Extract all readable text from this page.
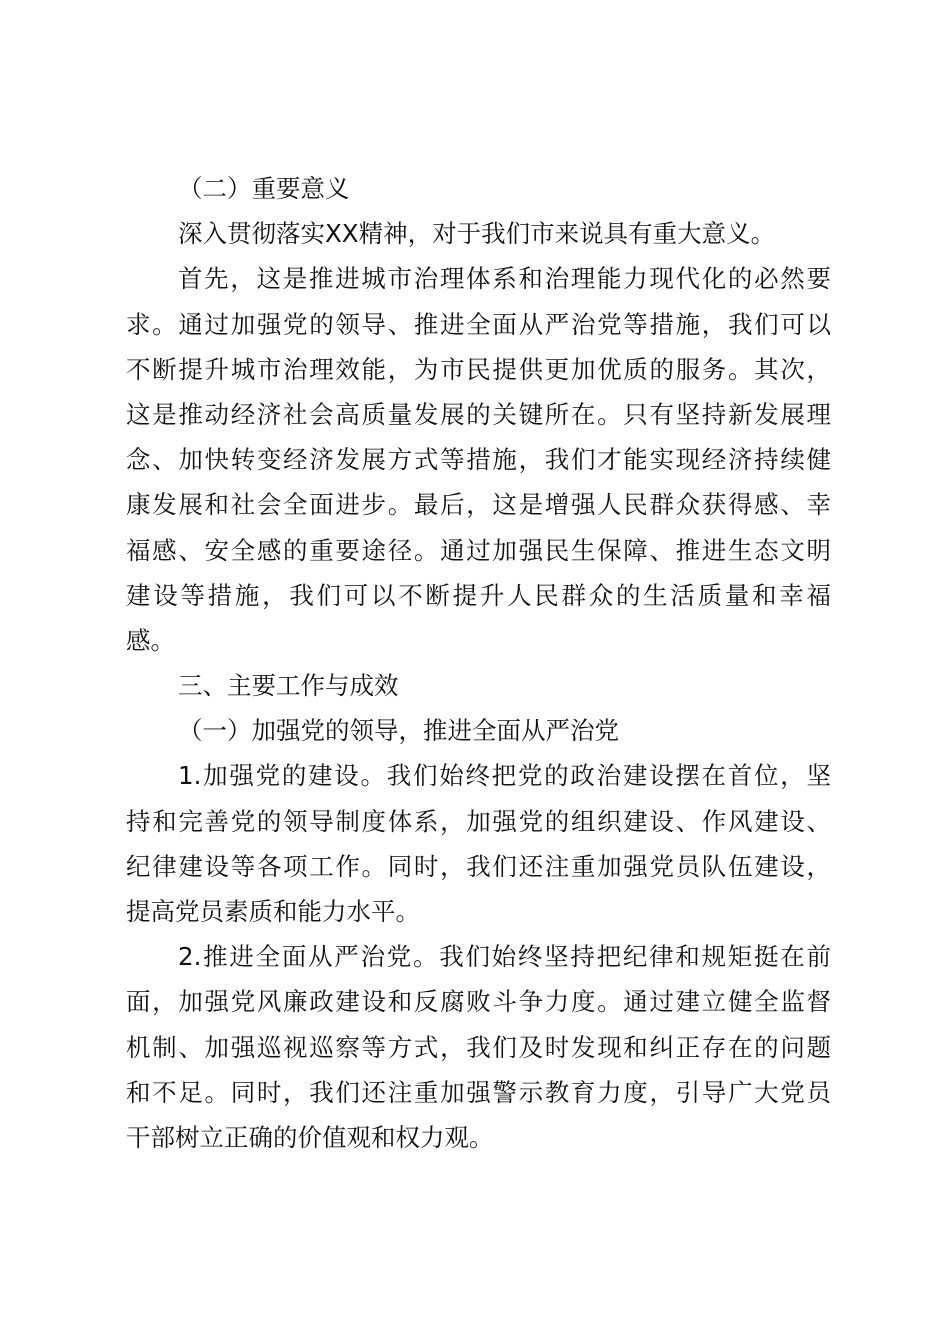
（二）重要意义
深入贯彻落实XX精神，对于我们市来说具有重大意义。
首先，这是推进城市治理体系和治理能力现代化的必然要
求。通过加强党的领导、推进全面从严治党等措施，我们可以
不断提升城市治理效能，为市民提供更加优质的服务。其次，
这是推动经济社会高质量发展的关键所在。只有坚持新发展理
念、加快转变经济发展方式等措施，我们才能实现经济持续健
康发展和社会全面进步。最后，这是增强人民群众获得感、幸
福感、安全感的重要途径。通过加强民生保障、推进生态文明
建设等措施，我们可以不断提升人民群众的生活质量和幸福
感。
三、主要工作与成效
（一）加强党的领导，推进全面从严治党
1.加强党的建设。我们始终把党的政治建设摆在首位，坚
持和完善党的领导制度体系，加强党的组织建设、作风建设、
纪律建设等各项工作。同时，我们还注重加强党员队伍建设，
提高党员素质和能力水平。
2.推进全面从严治党。我们始终坚持把纪律和规矩挺在前
面，加强党风廉政建设和反腐败斗争力度。通过建立健全监督
机制、加强巡视巡察等方式，我们及时发现和纠正存在的问题
和不足。同时，我们还注重加强警示教育力度，引导广大党员
干部树立正确的价值观和权力观。
